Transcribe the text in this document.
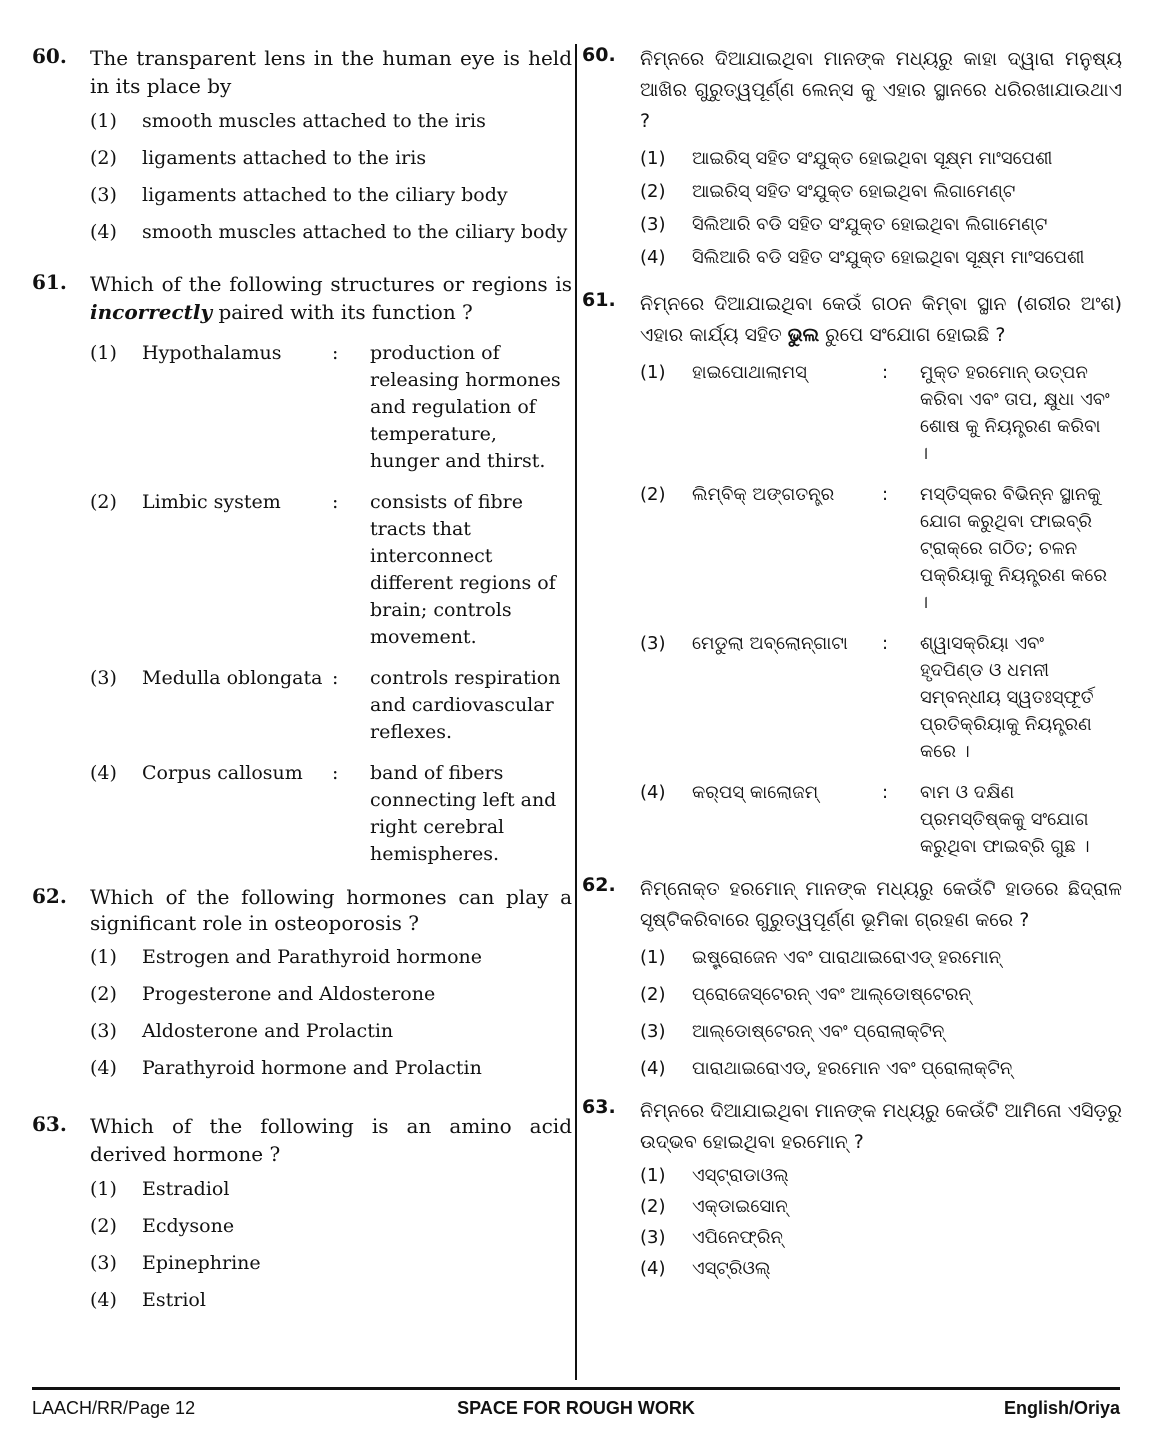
60. The transparent lens in the human eye is held in its place by
(1)	smooth muscles attached to the iris
(2)	ligaments attached to the iris
(3)	ligaments attached to the ciliary body
(4)	smooth muscles attached to the ciliary body
61. Which of the following structures or regions is incorrectly paired with its function ?
(1)	Hypothalamus	:	production of releasing hormones and regulation of temperature, hunger and thirst.
(2)	Limbic system	:	consists of fibre tracts that interconnect different regions of brain; controls movement.
(3)	Medulla oblongata :	controls respiration and cardiovascular reflexes.
(4)	Corpus callosum	:	band of fibers connecting left and right cerebral hemispheres.
62. Which of the following hormones can play a significant role in osteoporosis ?
(1)	Estrogen and Parathyroid hormone
(2)	Progesterone and Aldosterone
(3)	Aldosterone and Prolactin
(4)	Parathyroid hormone and Prolactin
63. Which of the following is an amino acid derived hormone ?
(1)	Estradiol
(2)	Ecdysone
(3)	Epinephrine
(4)	Estriol
60. ନିମ୍ନରେ ଦିଆଯାଇଥିବା ମାନଙ୍କ ମଧ୍ୟରୁ କାହା ଦ୍ୱାରା ମନୁଷ୍ୟ ଆଖିର ଗୁରୁତ୍ୱପୂର୍ଣ୍ଣ ଲେନ୍ସ କୁ ଏହାର ସ୍ଥାନରେ ଧରିରଖାଯାଉଥାଏ ?
(1)	ଆଇରିସ୍ ସହିତ ସଂଯୁକ୍ତ ହୋଇଥିବା ସୂକ୍ଷ୍ମ ମାଂସପେଶୀ
(2)	ଆଇରିସ୍ ସହିତ ସଂଯୁକ୍ତ ହୋଇଥିବା ଲିଗାମେଣ୍ଟ
(3)	ସିଲିଆରି ବଡି ସହିତ ସଂଯୁକ୍ତ ହୋଇଥିବା ଲିଗାମେଣ୍ଟ
(4)	ସିଲିଆରି ବଡି ସହିତ ସଂଯୁକ୍ତ ହୋଇଥିବା ସୂକ୍ଷ୍ମ ମାଂସପେଶୀ
61. ନିମ୍ନରେ ଦିଆଯାଇଥିବା କେଉଁ ଗଠନ କିମ୍ବା ସ୍ଥାନ (ଶରୀର ଅଂଶ) ଏହାର କାର୍ଯ୍ୟ ସହିତ ଭୁଲ ରୁପେ ସଂଯୋଗ ହୋଇଛି ?
(1)	ହାଇପୋଥାଲାମସ୍	:	ମୁକ୍ତ ହରମୋନ୍ ଉତ୍ପନ କରିବା ଏବଂ ତାପ, କ୍ଷୁଧା ଏବଂ ଶୋଷ କୁ ନିୟନ୍ତ୍ରଣ କରିବା ।
(2)	ଲିମ୍ବିକ୍ ଅଙ୍ଗତନ୍ତ୍ର	:	ମସ୍ତିସ୍କର ବିଭିନ୍ନ ସ୍ଥାନକୁ ଯୋଗ କରୁଥିବା ଫାଇବ୍ରି ଟ୍ରାକ୍‌ରେ ଗଠିତ; ଚଳନ ପକ୍ରିୟାକୁ ନିୟନ୍ତ୍ରଣ କରେ ।
(3)	ମେଡୁଲା ଅବ୍‌ଲୋନ୍‌ଗାଟା	:	ଶ୍ୱାସକ୍ରିୟା ଏବଂ ହୃଦପିଣ୍ଡ ଓ ଧମନୀ ସମ୍ବନ୍ଧୀୟ ସ୍ୱତଃସ୍ଫୂର୍ତ ପ୍ରତିକ୍ରିୟାକୁ ନିୟନ୍ତ୍ରଣ କରେ ।
(4)	କର୍‌ପସ୍ କାଲୋଜମ୍	:	ବାମ ଓ ଦକ୍ଷିଣ ପ୍ରମସ୍ତିଷ୍କକୁ ସଂଯୋଗ କରୁଥିବା ଫାଇବ୍ରି ଗୁଛ ।
62. ନିମ୍ନୋକ୍ତ ହରମୋନ୍ ମାନଙ୍କ ମଧ୍ୟରୁ କେଉଁଟି ହାଡରେ ଛିଦ୍ରାଳ ସୃଷ୍ଟିକରିବାରେ ଗୁରୁତ୍ୱପୂର୍ଣ୍ଣ ଭୂମିକା ଗ୍ରହଣ କରେ ?
(1)	ଇଷ୍ଟ୍ରୋଜେନ ଏବଂ ପାରାଥାଇରୋଏଡ୍ ହରମୋନ୍
(2)	ପ୍ରୋଜେସ୍‌ଟେରନ୍ ଏବଂ ଆଲ୍‌ଡୋଷ୍ଟେରନ୍
(3)	ଆଲ୍‌ଡୋଷ୍ଟେରନ୍ ଏବଂ ପ୍ରୋଲାକ୍‌ଟିନ୍
(4)	ପାରାଥାଇରୋଏଡ୍, ହରମୋନ ଏବଂ ପ୍ରୋଲାକ୍‌ଟିନ୍
63. ନିମ୍ନରେ ଦିଆଯାଇଥିବା ମାନଙ୍କ ମଧ୍ୟରୁ କେଉଁଟି ଆମିନୋ ଏସିଡ଼ରୁ ଉଦ୍ଭବ ହୋଇଥିବା ହରମୋନ୍ ?
(1)	ଏସ୍‌ଟ୍ରାଡାଓଲ୍
(2)	ଏକ୍‌ଡାଇସୋନ୍
(3)	ଏପିନେଫ୍ରିନ୍
(4)	ଏସ୍‌ଟ୍ରିଓଲ୍
LAACH/RR/Page 12	SPACE FOR ROUGH WORK	English/Oriya
